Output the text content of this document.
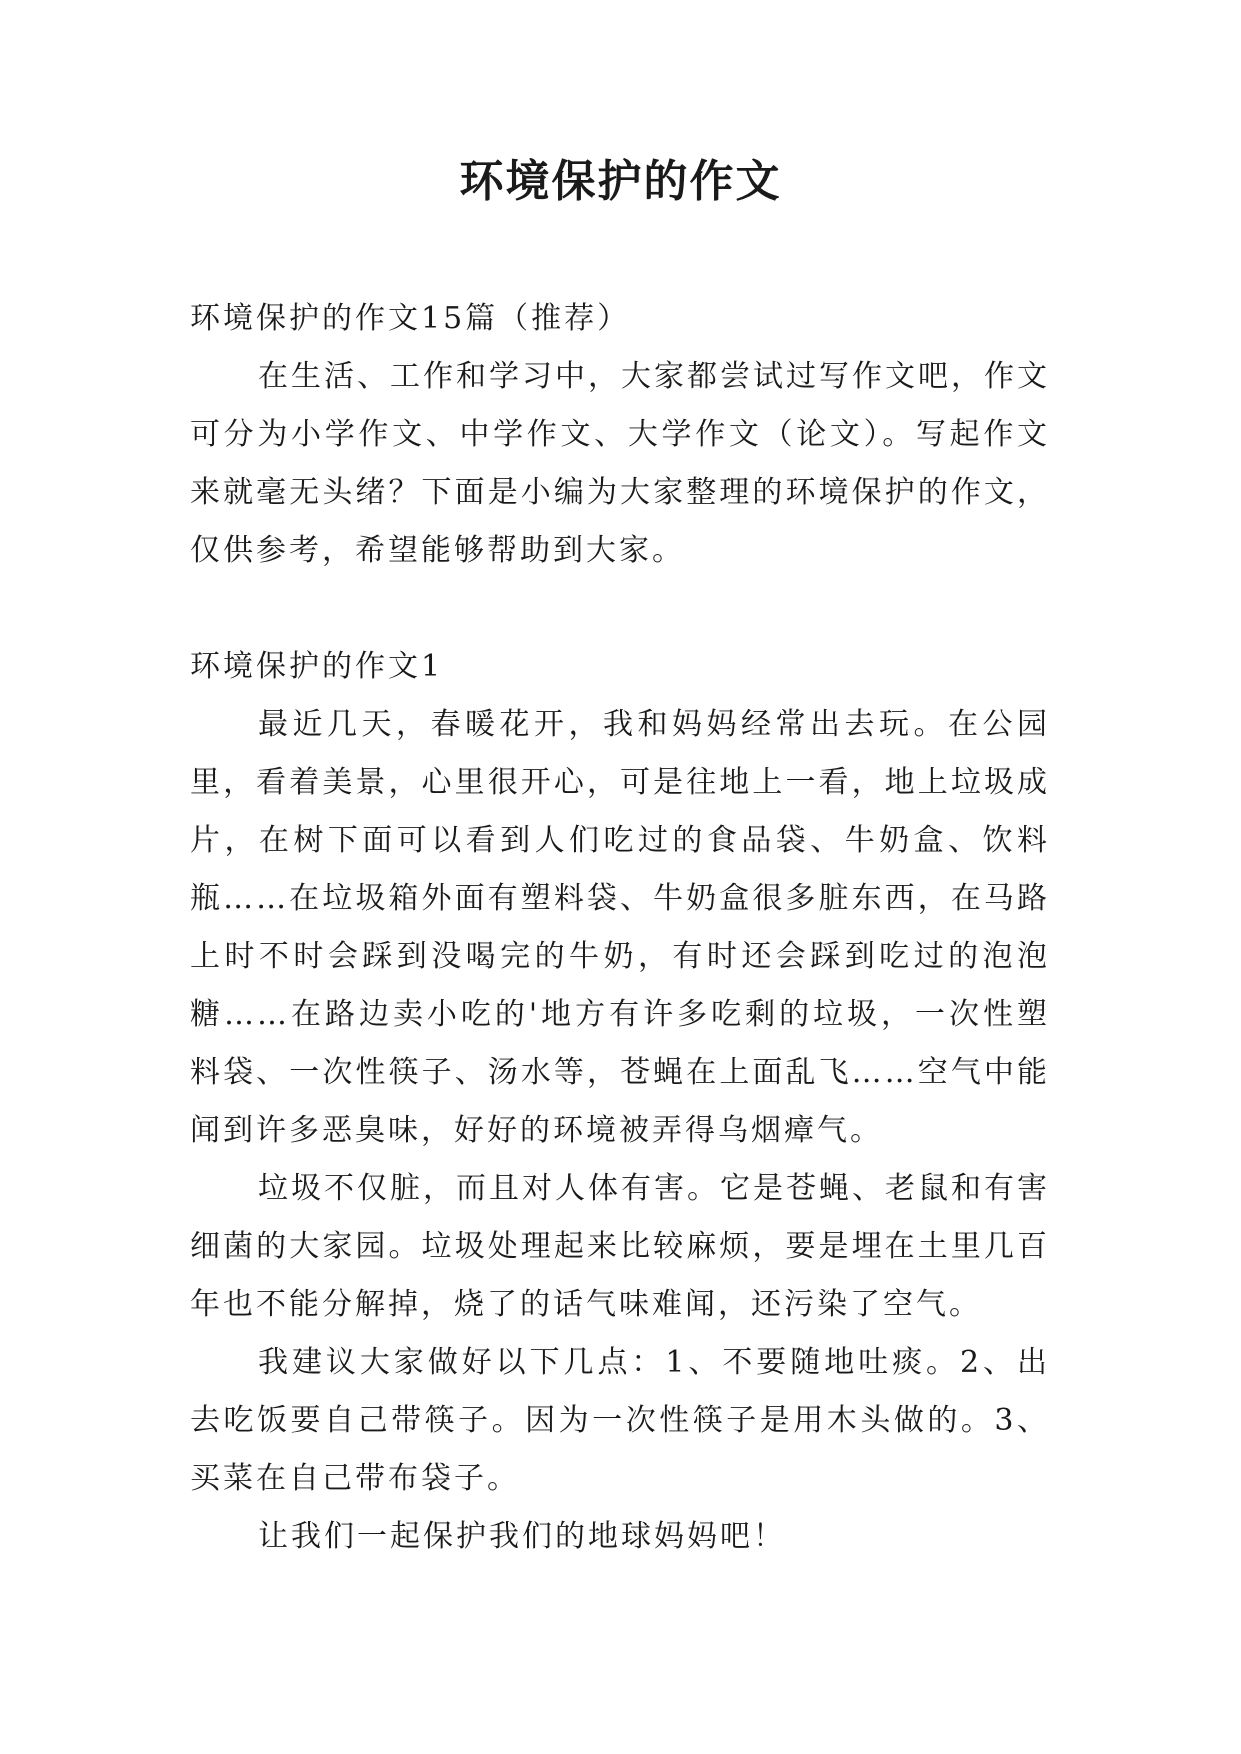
环境保护的作文

环境保护的作文15篇（推荐）

在生活、工作和学习中，大家都尝试过写作文吧，作文可分为小学作文、中学作文、大学作文（论文）。写起作文来就毫无头绪？下面是小编为大家整理的环境保护的作文，仅供参考，希望能够帮助到大家。

环境保护的作文1

最近几天，春暖花开，我和妈妈经常出去玩。在公园里，看着美景，心里很开心，可是往地上一看，地上垃圾成片，在树下面可以看到人们吃过的食品袋、牛奶盒、饮料瓶……在垃圾箱外面有塑料袋、牛奶盒很多脏东西，在马路上时不时会踩到没喝完的牛奶，有时还会踩到吃过的泡泡糖……在路边卖小吃的'地方有许多吃剩的垃圾，一次性塑料袋、一次性筷子、汤水等，苍蝇在上面乱飞……空气中能闻到许多恶臭味，好好的环境被弄得乌烟瘴气。

垃圾不仅脏，而且对人体有害。它是苍蝇、老鼠和有害细菌的大家园。垃圾处理起来比较麻烦，要是埋在土里几百年也不能分解掉，烧了的话气味难闻，还污染了空气。

我建议大家做好以下几点：1、不要随地吐痰。2、出去吃饭要自己带筷子。因为一次性筷子是用木头做的。3、买菜在自己带布袋子。

让我们一起保护我们的地球妈妈吧！
